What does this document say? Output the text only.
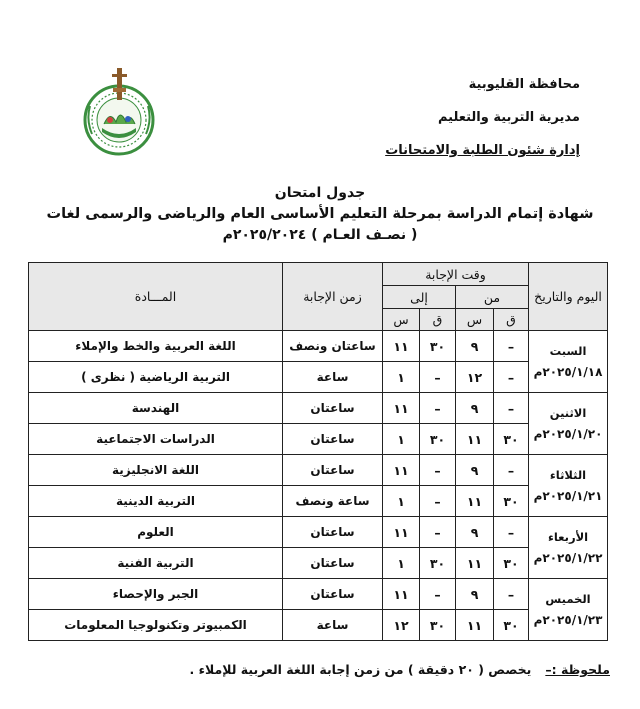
محافظة القليوبية
مديرية التربية والتعليم
إدارة شئون الطلبة والامتحانات
جدول امتحان
شهادة إتمام الدراسة بمرحلة التعليم الأساسى العام والرياضى والرسمى لغات
( نصـف العـام ) ٢٠٢٥/٢٠٢٤م
اليوم والتاريخ	وقت الإجابة				زمن الإجابة	المـــادة
	من		إلى			
	ق	س	ق	س		

السبت
٢٠٢٥/١/١٨م	–	٩	٣٠	١١	ساعتان ونصف	اللغة العربية والخط والإملاء
	–	١٢	–	١	ساعة	التربية الرياضية ( نظرى )

الاثنين
٢٠٢٥/١/٢٠م	–	٩	–	١١	ساعتان	الهندسة
	٣٠	١١	٣٠	١	ساعتان	الدراسات الاجتماعية

الثلاثاء
٢٠٢٥/١/٢١م	–	٩	–	١١	ساعتان	اللغة الانجليزية
	٣٠	١١	–	١	ساعة ونصف	التربية الدينية

الأربعاء
٢٠٢٥/١/٢٢م	–	٩	–	١١	ساعتان	العلوم
	٣٠	١١	٣٠	١	ساعتان	التربية الفنية

الخميس
٢٠٢٥/١/٢٣م	–	٩	–	١١	ساعتان	الجبر والإحصاء
	٣٠	١١	٣٠	١٢	ساعة	الكمبيوتر وتكنولوجيا المعلومات
ملحوظة :–
يخصص ( ٢٠ دقيقة ) من زمن إجابة اللغة العربية للإملاء .
